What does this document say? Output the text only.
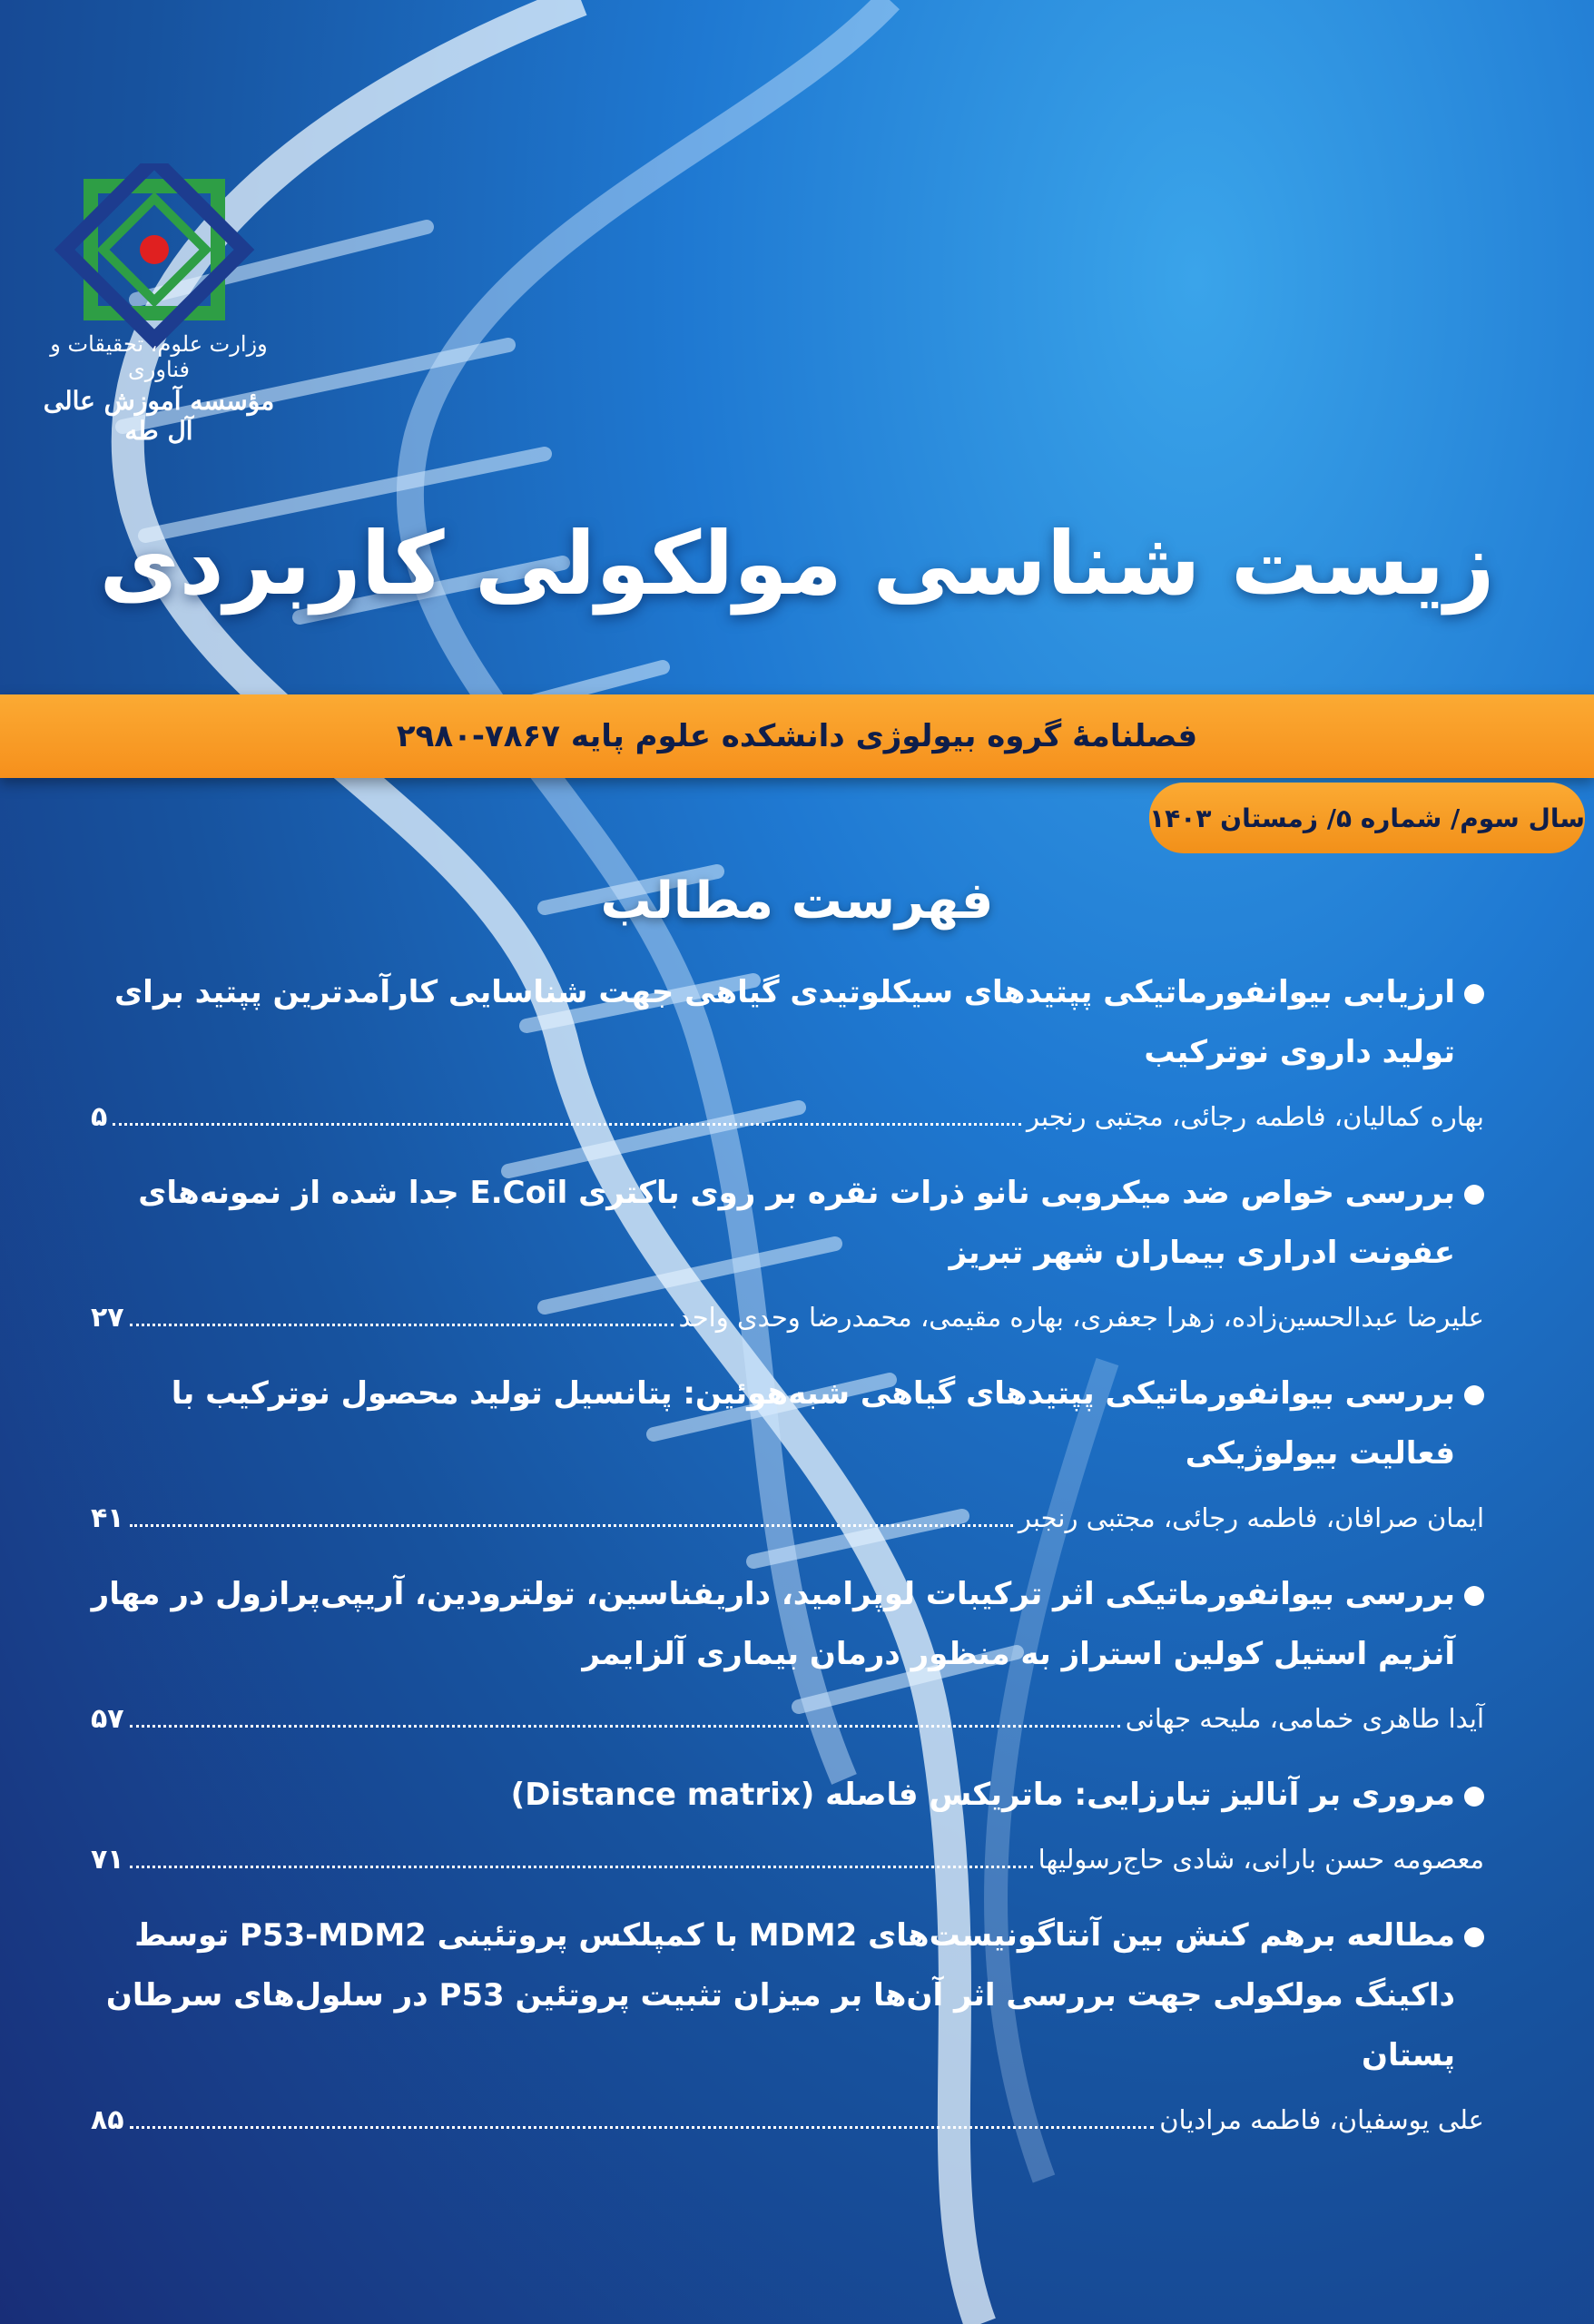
وزارت علوم، تحقیقات و فناوری
مؤسسه آموزش عالی آل طه
زیست شناسی مولکولی کاربردی
فصلنامۀ گروه بیولوژی دانشکده علوم پایه ۷۸۶۷-۲۹۸۰
سال سوم/ شماره ۵/ زمستان ۱۴۰۳
فهرست مطالب
ارزیابی بیوانفورماتیکی پپتیدهای سیکلوتیدی گیاهی جهت شناسایی کارآمدترین پپتید برای تولید داروی نوترکیب
بهاره کمالیان، فاطمه رجائی، مجتبی رنجبر
۵
بررسی خواص ضد میکروبی نانو ذرات نقره بر روی باکتری E.Coil جدا شده از نمونه‌های عفونت ادراری بیماران شهر تبریز
علیرضا عبدالحسین‌زاده، زهرا جعفری، بهاره مقیمی، محمدرضا وحدی واحد
۲۷
بررسی بیوانفورماتیکی پپتیدهای گیاهی شبه‌هوئین: پتانسیل تولید محصول نوترکیب با فعالیت بیولوژیکی
ایمان صرافان، فاطمه رجائی، مجتبی رنجبر
۴۱
بررسی بیوانفورماتیکی اثر ترکیبات لوپرامید، داریفناسین، تولترودین، آریپی‌پرازول در مهار آنزیم استیل کولین استراز به منظور درمان بیماری آلزایمر
آیدا طاهری خمامی، ملیحه جهانی
۵۷
مروری بر آنالیز تبارزایی: ماتریکس فاصله (Distance matrix)
معصومه حسن بارانی، شادی حاج‌رسولیها
۷۱
مطالعه برهم کنش بین آنتاگونیست‌های MDM2 با کمپلکس پروتئینی P53-MDM2 توسط داکینگ مولکولی جهت بررسی اثر آن‌ها بر میزان تثبیت پروتئین P53 در سلول‌های سرطان پستان
علی یوسفیان، فاطمه مرادیان
۸۵
